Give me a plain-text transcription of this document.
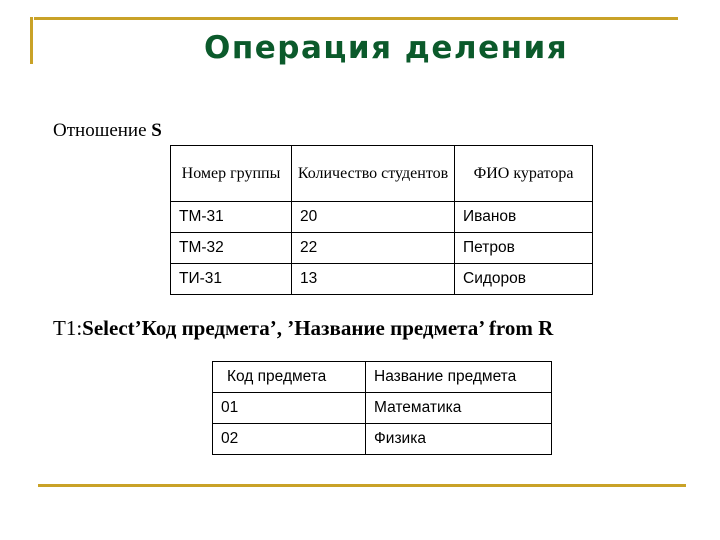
Операция деления
Отношение S
Номер группы	Количество студентов	ФИО куратора
ТМ-31	20	Иванов
ТМ-32	22	Петров
ТИ-31	13	Сидоров
T1:Select’Код предмета’, ’Название предмета’ from R
Код предмета	Название предмета
01	Математика
02	Физика
